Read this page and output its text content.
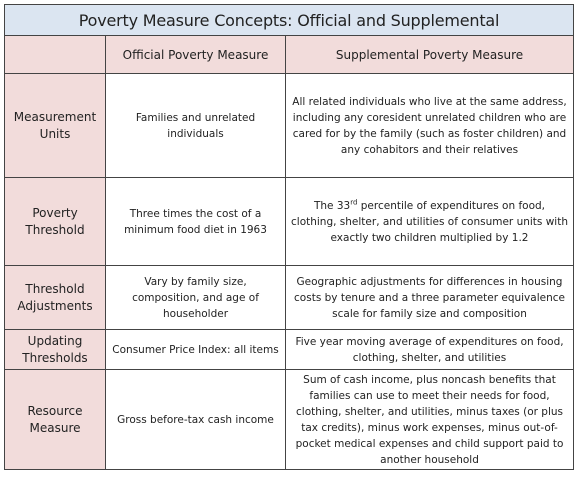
Poverty Measure Concepts: Official and Supplemental		
	Official Poverty Measure	Supplemental Poverty Measure
Measurement Units	Families and unrelated individuals	All related individuals who live at the same address, including any coresident unrelated children who are cared for by the family (such as foster children) and any cohabitors and their relatives
Poverty Threshold	Three times the cost of a minimum food diet in 1963	The 33rd percentile of expenditures on food, clothing, shelter, and utilities of consumer units with exactly two children multiplied by 1.2
Threshold Adjustments	Vary by family size, composition, and age of householder	Geographic adjustments for differences in housing costs by tenure and a three parameter equivalence scale for family size and composition
Updating Thresholds	Consumer Price Index: all items	Five year moving average of expenditures on food, clothing, shelter, and utilities
Resource Measure	Gross before-tax cash income	Sum of cash income, plus noncash benefits that families can use to meet their needs for food, clothing, shelter, and utilities, minus taxes (or plus tax credits), minus work expenses, minus out-of-pocket medical expenses and child support paid to another household
